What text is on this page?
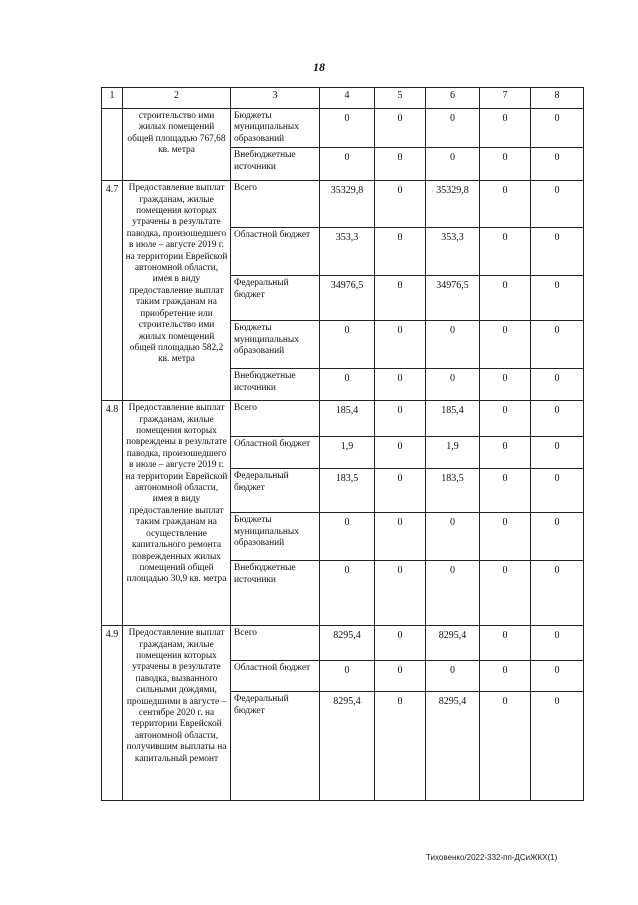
18
1	2	3	4	5	6	7	8
	строительство ими жилых помещений общей площадью 767,68 кв. метра	Бюджеты муниципальных образований	0	0	0	0	0
		Внебюджетные источники	0	0	0	0	0
4.7	Предоставление выплат гражданам, жилые помещения которых утрачены в результате паводка, произошедшего в июле – августе 2019 г. на территории Еврейской автономной области, имея в виду предоставление выплат таким гражданам на приобретение или строительство ими жилых помещений общей площадью 582,2 кв. метра	Всего	35329,8	0	35329,8	0	0
		Областной бюджет	353,3	0	353,3	0	0
		Федеральный бюджет	34976,5	0	34976,5	0	0
		Бюджеты муниципальных образований	0	0	0	0	0
		Внебюджетные источники	0	0	0	0	0
4.8	Предоставление выплат гражданам, жилые помещения которых повреждены в результате паводка, произошедшего в июле – августе 2019 г. на территории Еврейской автономной области, имея в виду предоставление выплат таким гражданам на осуществление капитального ремонта поврежденных жилых помещений общей площадью 30,9 кв. метра	Всего	185,4	0	185,4	0	0
		Областной бюджет	1,9	0	1,9	0	0
		Федеральный бюджет	183,5	0	183,5	0	0
		Бюджеты муниципальных образований	0	0	0	0	0
		Внебюджетные источники	0	0	0	0	0
4.9	Предоставление выплат гражданам, жилые помещения которых утрачены в результате паводка, вызванного сильными дождями, прошедшими в августе – сентябре 2020 г. на территории Еврейской автономной области, получившим выплаты на капитальный ремонт	Всего	8295,4	0	8295,4	0	0
		Областной бюджет	0	0	0	0	0
		Федеральный бюджет	8295,4	0	8295,4	0	0
Тиховенко/2022-332-пп-ДСиЖКХ(1)
